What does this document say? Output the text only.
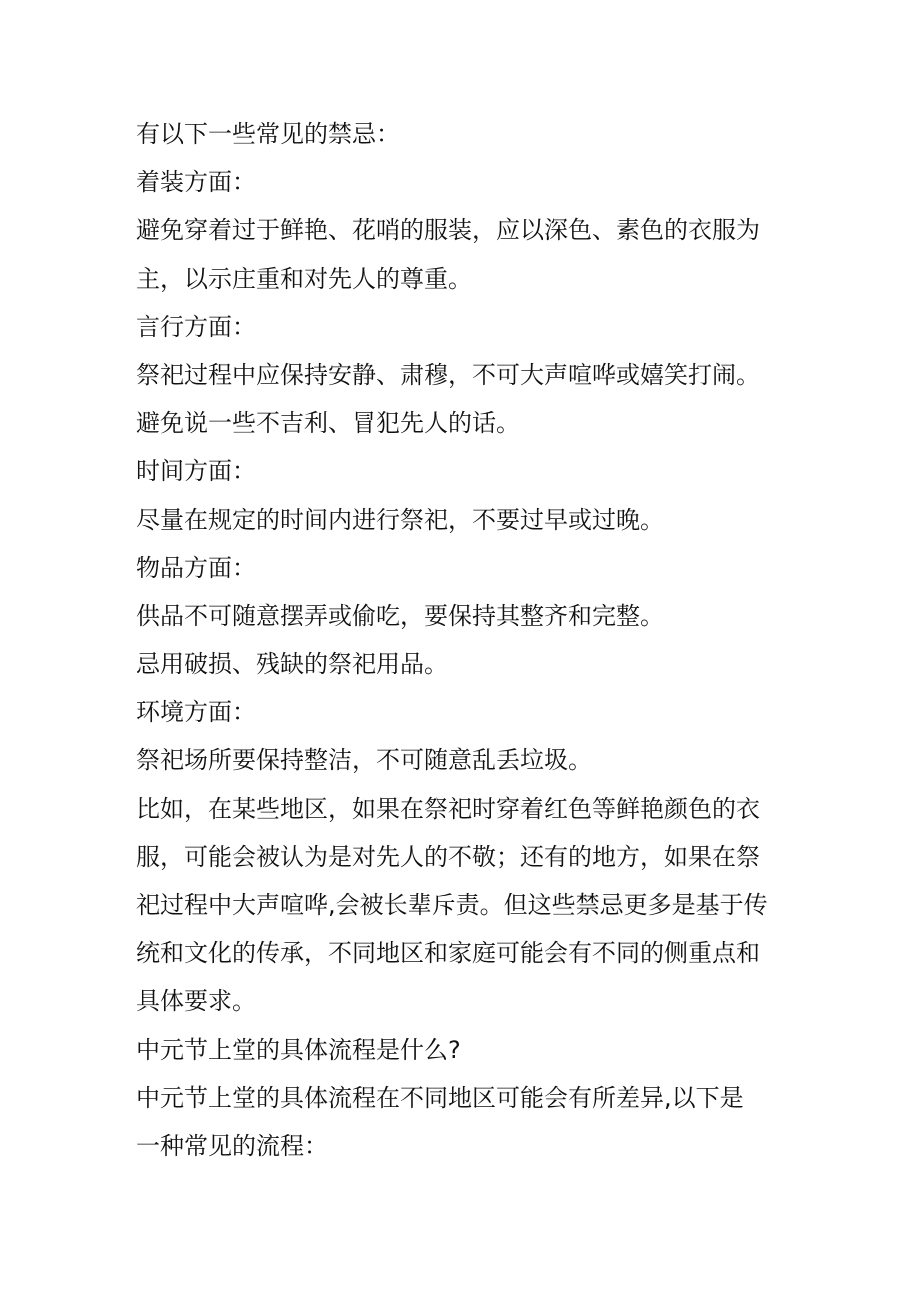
有以下一些常见的禁忌：
着装方面：
避免穿着过于鲜艳、花哨的服装，应以深色、素色的衣服为
主，以示庄重和对先人的尊重。
言行方面：
祭祀过程中应保持安静、肃穆，不可大声喧哗或嬉笑打闹。
避免说一些不吉利、冒犯先人的话。
时间方面：
尽量在规定的时间内进行祭祀，不要过早或过晚。
物品方面：
供品不可随意摆弄或偷吃，要保持其整齐和完整。
忌用破损、残缺的祭祀用品。
环境方面：
祭祀场所要保持整洁，不可随意乱丢垃圾。
比如，在某些地区，如果在祭祀时穿着红色等鲜艳颜色的衣
服，可能会被认为是对先人的不敬；还有的地方，如果在祭
祀过程中大声喧哗,会被长辈斥责。但这些禁忌更多是基于传
统和文化的传承，不同地区和家庭可能会有不同的侧重点和
具体要求。
中元节上堂的具体流程是什么?
中元节上堂的具体流程在不同地区可能会有所差异,以下是
一种常见的流程：
